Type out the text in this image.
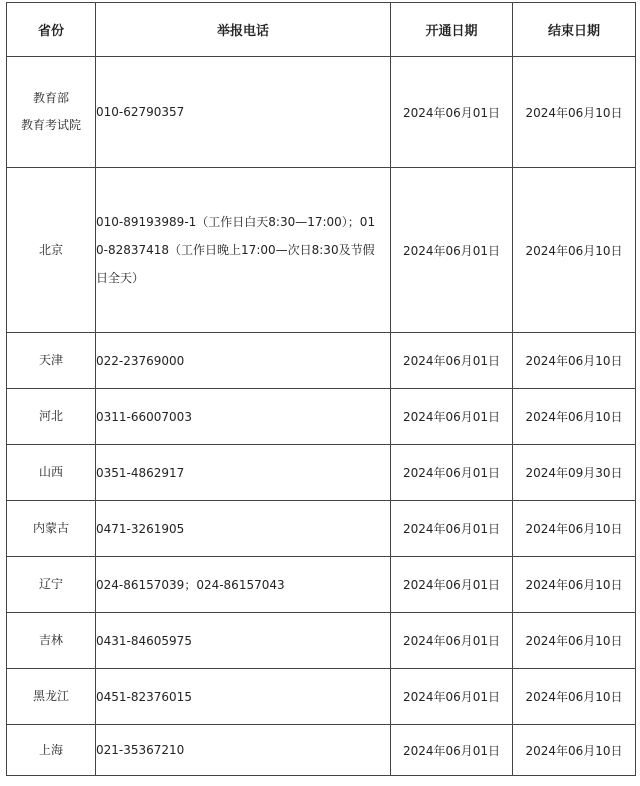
省份	举报电话	开通日期	结束日期

教育部
教育考试院	010-62790357	2024年06月01日	2024年06月10日

北京	010-89193989-1（工作日白天8:30—17:00）；01
0-82837418（工作日晚上17:00—次日8:30及节假
日全天）	2024年06月01日	2024年06月10日

天津	022-23769000	2024年06月01日	2024年06月10日

河北	0311-66007003	2024年06月01日	2024年06月10日

山西	0351-4862917	2024年06月01日	2024年09月30日

内蒙古	0471-3261905	2024年06月01日	2024年06月10日

辽宁	024-86157039；024-86157043	2024年06月01日	2024年06月10日

吉林	0431-84605975	2024年06月01日	2024年06月10日

黑龙江	0451-82376015	2024年06月01日	2024年06月10日

上海	021-35367210	2024年06月01日	2024年06月10日
